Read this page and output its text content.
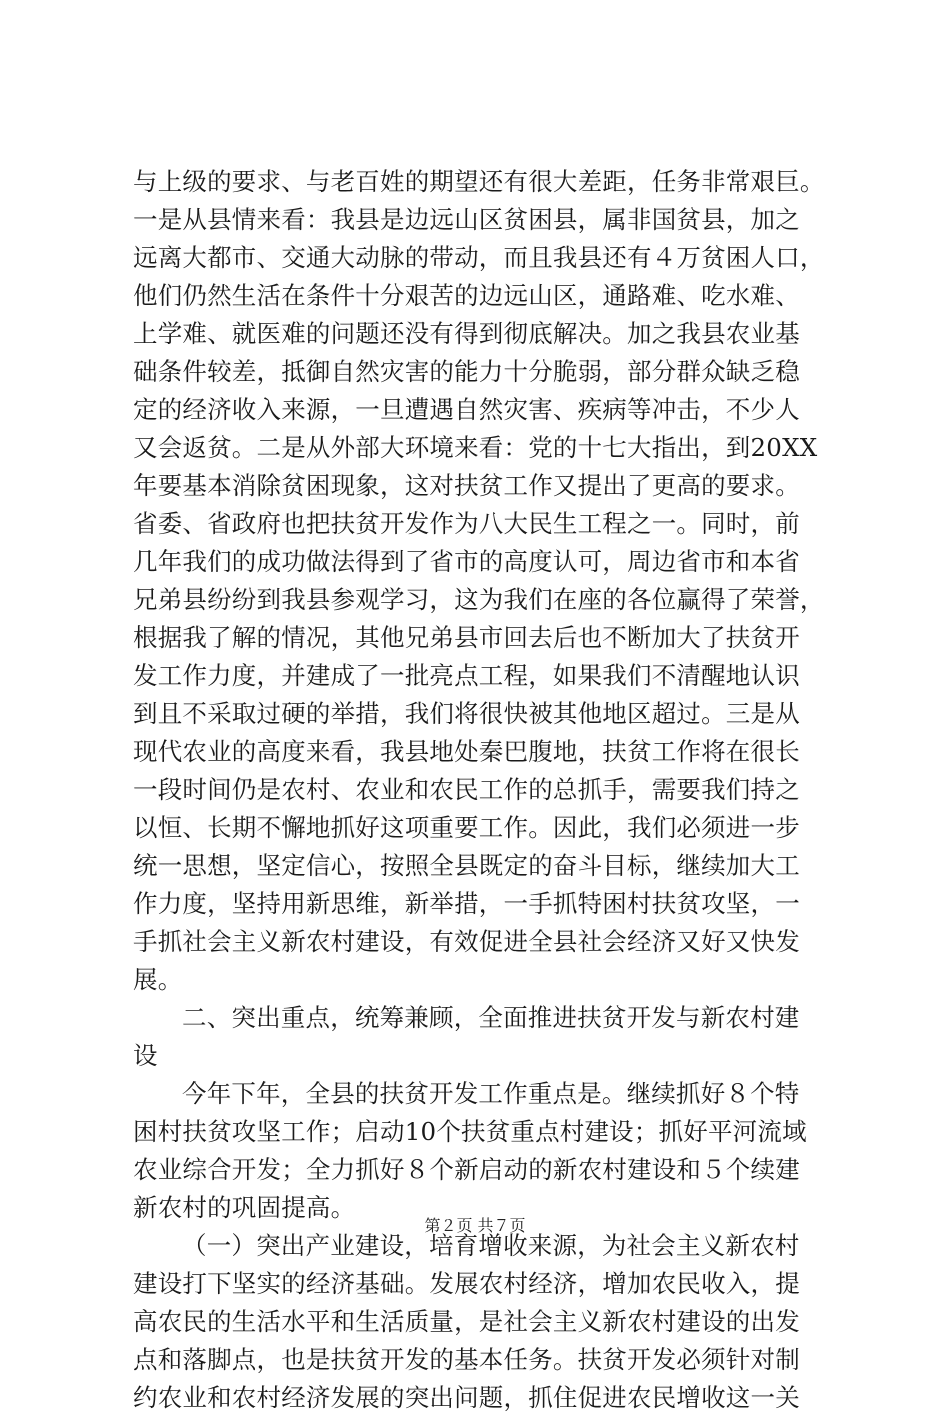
与上级的要求、与老百姓的期望还有很大差距，任务非常艰巨。
一是从县情来看：我县是边远山区贫困县，属非国贫县，加之
远离大都市、交通大动脉的带动，而且我县还有４万贫困人口，
他们仍然生活在条件十分艰苦的边远山区，通路难、吃水难、
上学难、就医难的问题还没有得到彻底解决。加之我县农业基
础条件较差，抵御自然灾害的能力十分脆弱，部分群众缺乏稳
定的经济收入来源，一旦遭遇自然灾害、疾病等冲击，不少人
又会返贫。二是从外部大环境来看：党的十七大指出，到20XX
年要基本消除贫困现象，这对扶贫工作又提出了更高的要求。
省委、省政府也把扶贫开发作为八大民生工程之一。同时，前
几年我们的成功做法得到了省市的高度认可，周边省市和本省
兄弟县纷纷到我县参观学习，这为我们在座的各位赢得了荣誉，
根据我了解的情况，其他兄弟县市回去后也不断加大了扶贫开
发工作力度，并建成了一批亮点工程，如果我们不清醒地认识
到且不采取过硬的举措，我们将很快被其他地区超过。三是从
现代农业的高度来看，我县地处秦巴腹地，扶贫工作将在很长
一段时间仍是农村、农业和农民工作的总抓手，需要我们持之
以恒、长期不懈地抓好这项重要工作。因此，我们必须进一步
统一思想，坚定信心，按照全县既定的奋斗目标，继续加大工
作力度，坚持用新思维，新举措，一手抓特困村扶贫攻坚，一
手抓社会主义新农村建设，有效促进全县社会经济又好又快发
展。
二、突出重点，统筹兼顾，全面推进扶贫开发与新农村建
设
今年下年，全县的扶贫开发工作重点是。继续抓好８个特
困村扶贫攻坚工作；启动10个扶贫重点村建设；抓好平河流域
农业综合开发；全力抓好８个新启动的新农村建设和５个续建
新农村的巩固提高。
（一）突出产业建设，培育增收来源，为社会主义新农村
建设打下坚实的经济基础。发展农村经济，增加农民收入，提
高农民的生活水平和生活质量，是社会主义新农村建设的出发
点和落脚点，也是扶贫开发的基本任务。扶贫开发必须针对制
约农业和农村经济发展的突出问题，抓住促进农民增收这一关
第２页 共７页
